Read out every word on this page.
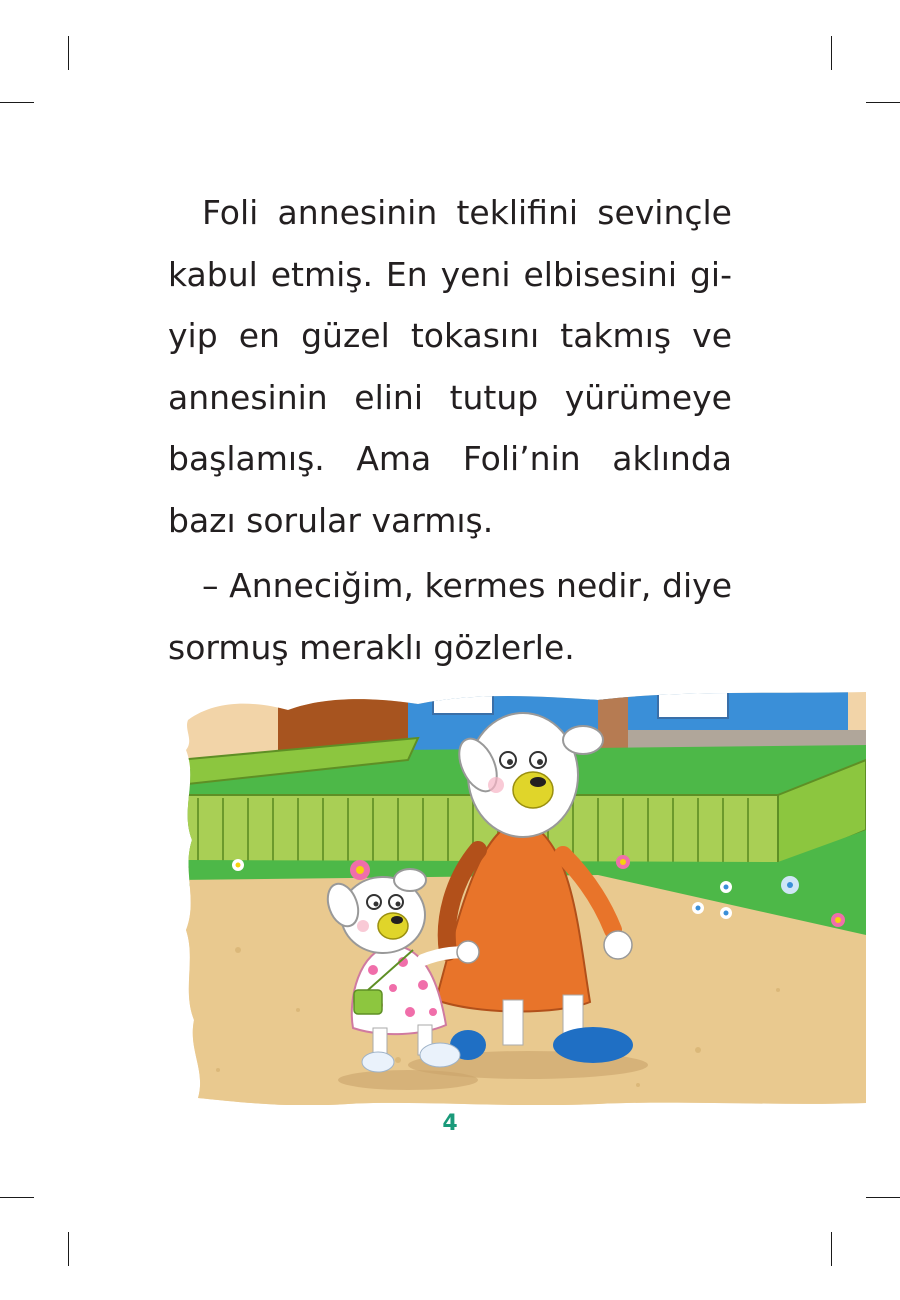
Foli annesinin teklifini sevinçle kabul etmiş. En yeni elbisesini giyip en güzel tokasını takmış ve annesinin elini tutup yürümeye başlamış. Ama Foli’nin aklında bazı sorular varmış.

– Anneciğim, kermes nedir, diye sormuş meraklı gözlerle.

4
